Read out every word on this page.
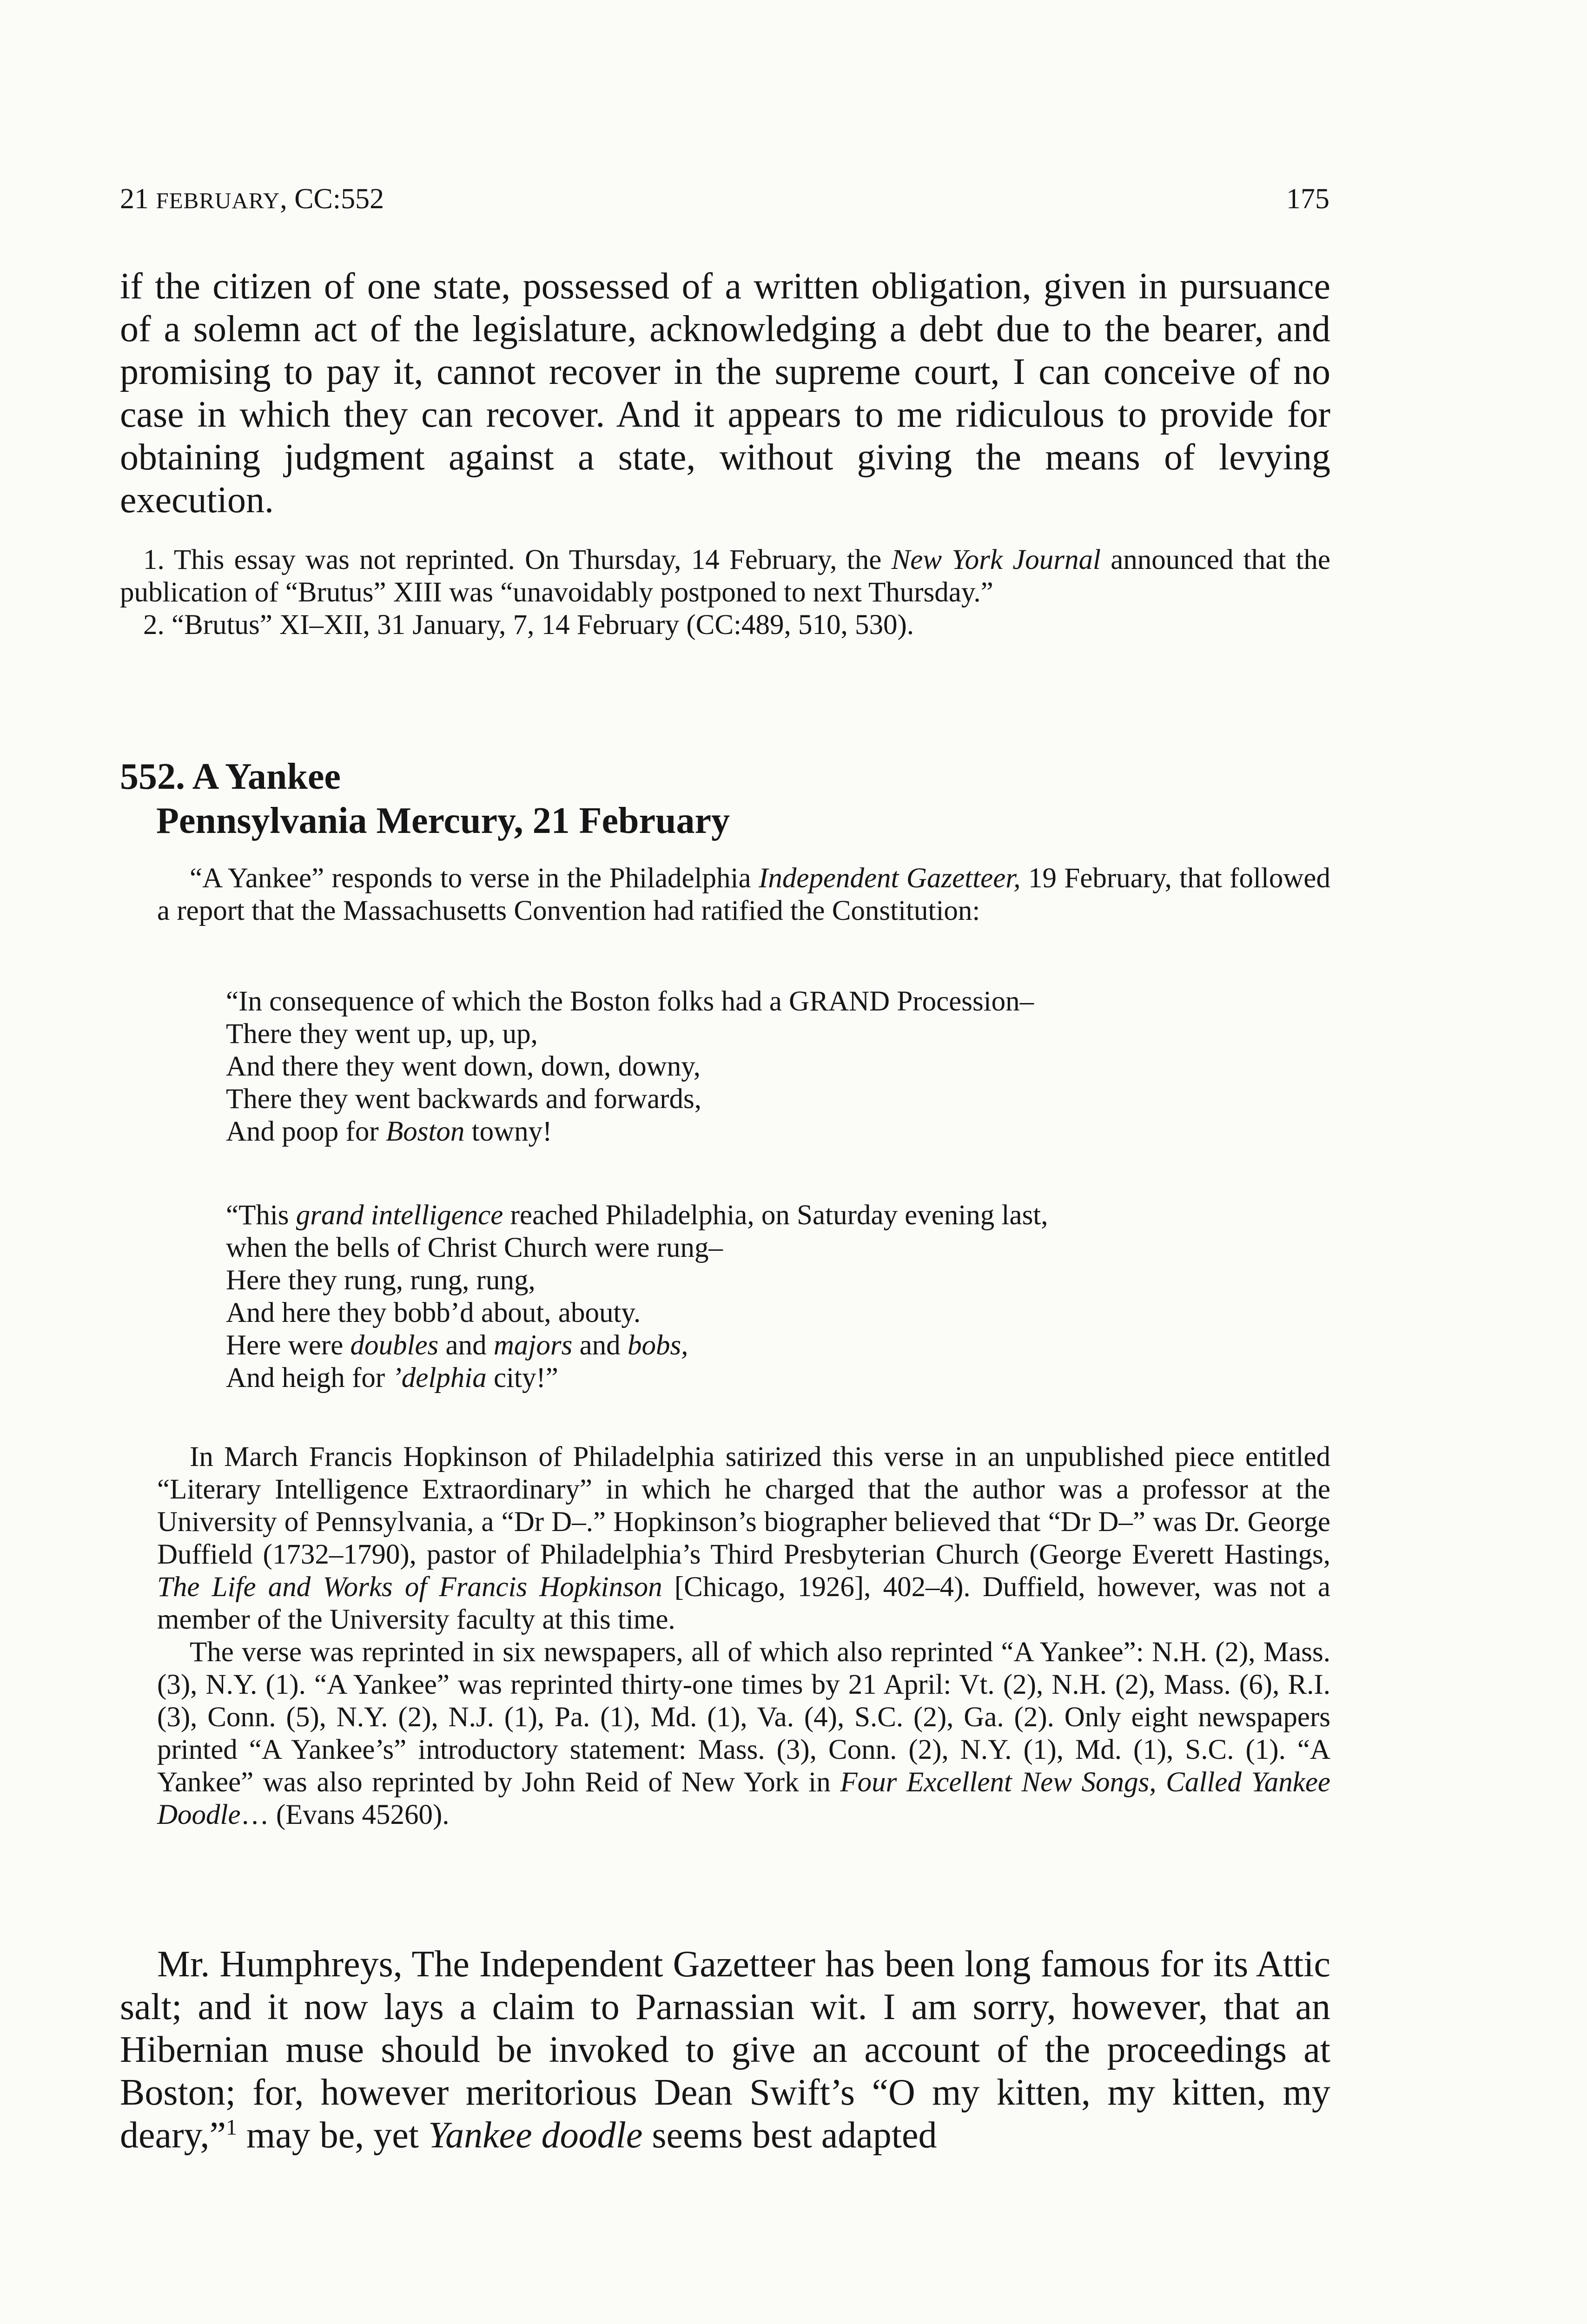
21 FEBRUARY, CC:552	175

if the citizen of one state, possessed of a written obligation, given in pursuance of a solemn act of the legislature, acknowledging a debt due to the bearer, and promising to pay it, cannot recover in the supreme court, I can conceive of no case in which they can recover. And it appears to me ridiculous to provide for obtaining judgment against a state, without giving the means of levying execution.

1. This essay was not reprinted. On Thursday, 14 February, the New York Journal announced that the publication of “Brutus” XIII was “unavoidably postponed to next Thursday.”

2. “Brutus” XI–XII, 31 January, 7, 14 February (CC:489, 510, 530).

552. A Yankee
Pennsylvania Mercury, 21 February

“A Yankee” responds to verse in the Philadelphia Independent Gazetteer, 19 February, that followed a report that the Massachusetts Convention had ratified the Constitution:

“In consequence of which the Boston folks had a GRAND Procession–
There they went up, up, up,
And there they went down, down, downy,
There they went backwards and forwards,
And poop for Boston towny!
“This grand intelligence reached Philadelphia, on Saturday evening last,
when the bells of Christ Church were rung–
Here they rung, rung, rung,
And here they bobb’d about, abouty.
Here were doubles and majors and bobs,
And heigh for ’delphia city!”

In March Francis Hopkinson of Philadelphia satirized this verse in an unpublished piece entitled “Literary Intelligence Extraordinary” in which he charged that the author was a professor at the University of Pennsylvania, a “Dr D–.” Hopkinson’s biographer believed that “Dr D–” was Dr. George Duffield (1732–1790), pastor of Philadelphia’s Third Presbyterian Church (George Everett Hastings, The Life and Works of Francis Hopkinson [Chicago, 1926], 402–4). Duffield, however, was not a member of the University faculty at this time.

The verse was reprinted in six newspapers, all of which also reprinted “A Yankee”: N.H. (2), Mass. (3), N.Y. (1). “A Yankee” was reprinted thirty-one times by 21 April: Vt. (2), N.H. (2), Mass. (6), R.I. (3), Conn. (5), N.Y. (2), N.J. (1), Pa. (1), Md. (1), Va. (4), S.C. (2), Ga. (2). Only eight newspapers printed “A Yankee’s” introductory statement: Mass. (3), Conn. (2), N.Y. (1), Md. (1), S.C. (1). “A Yankee” was also reprinted by John Reid of New York in Four Excellent New Songs, Called Yankee Doodle… (Evans 45260).

Mr. Humphreys, The Independent Gazetteer has been long famous for its Attic salt; and it now lays a claim to Parnassian wit. I am sorry, however, that an Hibernian muse should be invoked to give an account of the proceedings at Boston; for, however meritorious Dean Swift’s “O my kitten, my kitten, my deary,”$^1$ may be, yet Yankee doodle seems best adapted
